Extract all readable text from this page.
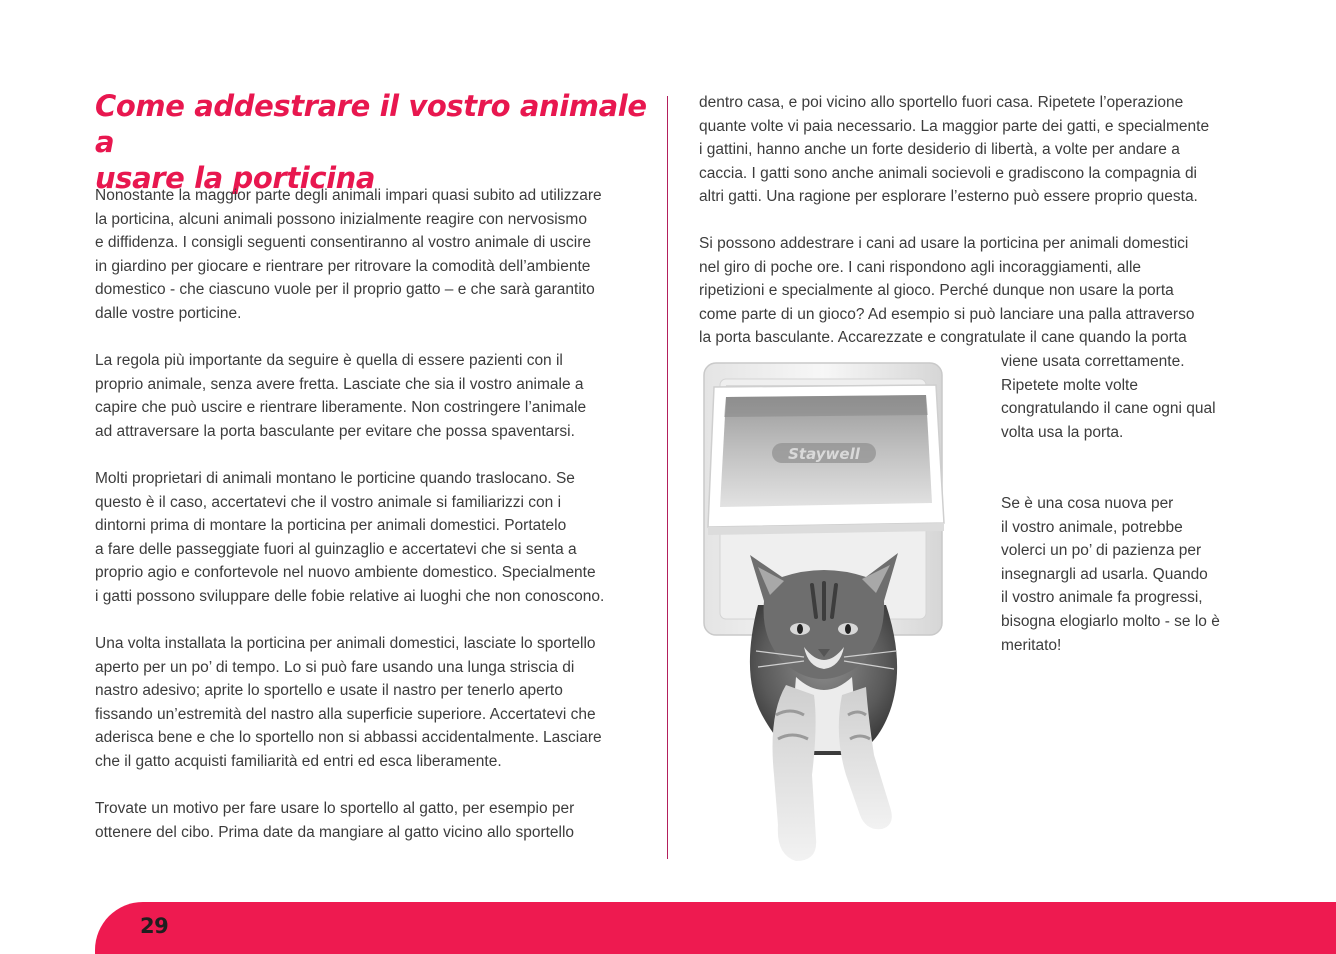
Come addestrare il vostro animale a
usare la porticina

Nonostante la maggior parte degli animali impari quasi subito ad utilizzare
la porticina, alcuni animali possono inizialmente reagire con nervosismo
e diffidenza. I consigli seguenti consentiranno al vostro animale di uscire
in giardino per giocare e rientrare per ritrovare la comodità dell’ambiente
domestico - che ciascuno vuole per il proprio gatto – e che sarà garantito
dalle vostre porticine.

La regola più importante da seguire è quella di essere pazienti con il
proprio animale, senza avere fretta. Lasciate che sia il vostro animale a
capire che può uscire e rientrare liberamente. Non costringere l’animale
ad attraversare la porta basculante per evitare che possa spaventarsi.

Molti proprietari di animali montano le porticine quando traslocano. Se
questo è il caso, accertatevi che il vostro animale si familiarizzi con i
dintorni prima di montare la porticina per animali domestici. Portatelo
a fare delle passeggiate fuori al guinzaglio e accertatevi che si senta a
proprio agio e confortevole nel nuovo ambiente domestico. Specialmente
i gatti possono sviluppare delle fobie relative ai luoghi che non conoscono.

Una volta installata la porticina per animali domestici, lasciate lo sportello
aperto per un po’ di tempo. Lo si può fare usando una lunga striscia di
nastro adesivo; aprite lo sportello e usate il nastro per tenerlo aperto
fissando un’estremità del nastro alla superficie superiore. Accertatevi che
aderisca bene e che lo sportello non si abbassi accidentalmente. Lasciare
che il gatto acquisti familiarità ed entri ed esca liberamente.

Trovate un motivo per fare usare lo sportello al gatto, per esempio per
ottenere del cibo. Prima date da mangiare al gatto vicino allo sportello

dentro casa, e poi vicino allo sportello fuori casa. Ripetete l’operazione
quante volte vi paia necessario. La maggior parte dei gatti, e specialmente
i gattini, hanno anche un forte desiderio di libertà, a volte per andare a
caccia. I gatti sono anche animali socievoli e gradiscono la compagnia di
altri gatti. Una ragione per esplorare l’esterno può essere proprio questa.

Si possono addestrare i cani ad usare la porticina per animali domestici
nel giro di poche ore. I cani rispondono agli incoraggiamenti, alle
ripetizioni e specialmente al gioco. Perché dunque non usare la porta
come parte di un gioco? Ad esempio si può lanciare una palla attraverso
la porta basculante. Accarezzate e congratulate il cane quando la porta

viene usata correttamente.
Ripetete molte volte
congratulando il cane ogni qual
volta usa la porta.

Se è una cosa nuova per
il vostro animale, potrebbe
volerci un po’ di pazienza per
insegnargli ad usarla. Quando
il vostro animale fa progressi,
bisogna elogiarlo molto - se lo è
meritato!

Staywell

29
